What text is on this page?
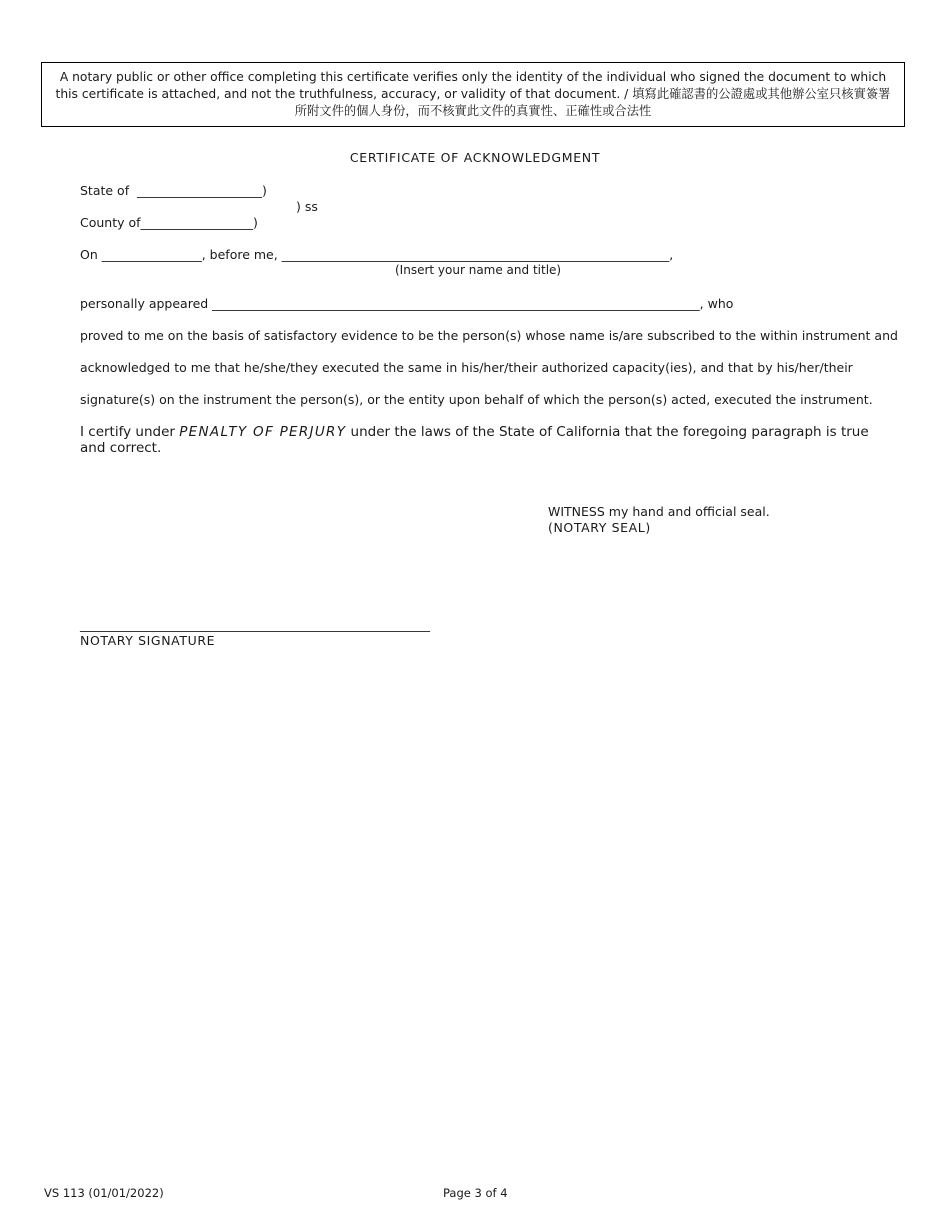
A notary public or other office completing this certificate verifies only the identity of the individual who signed the document to which this certificate is attached, and not the truthfulness, accuracy, or validity of that document. / 填寫此確認書的公證處或其他辦公室只核實簽署所附文件的個人身份，而不核實此文件的真實性、正確性或合法性
CERTIFICATE OF ACKNOWLEDGMENT
State of  ____________________)
) ss
County of__________________)
On ________________, before me, ______________________________________________________________,
(Insert your name and title)
personally appeared ______________________________________________________________________________, who
proved to me on the basis of satisfactory evidence to be the person(s) whose name is/are subscribed to the within instrument and
acknowledged to me that he/she/they executed the same in his/her/their authorized capacity(ies), and that by his/her/their
signature(s) on the instrument the person(s), or the entity upon behalf of which the person(s) acted, executed the instrument.
I certify under PENALTY OF PERJURY under the laws of the State of California that the foregoing paragraph is true and correct.
WITNESS my hand and official seal.
(NOTARY SEAL)
________________________________________________________
NOTARY SIGNATURE
VS 113 (01/01/2022)	Page 3 of 4
